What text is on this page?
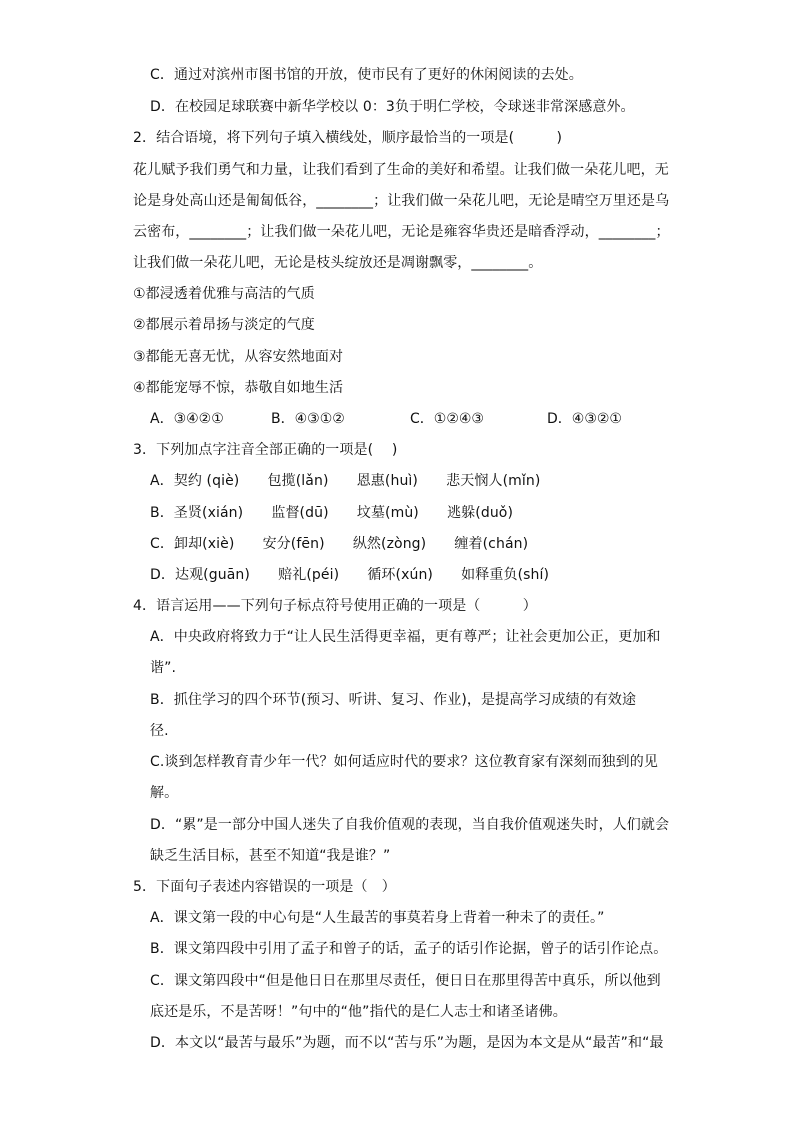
C．通过对滨州市图书馆的开放，使市民有了更好的休闲阅读的去处。
D．在校园足球联赛中新华学校以 0：3负于明仁学校，令球迷非常深感意外。
2．结合语境，将下列句子填入横线处，顺序最恰当的一项是(　　　)
花儿赋予我们勇气和力量，让我们看到了生命的美好和希望。让我们做一朵花儿吧，无
论是身处高山还是匍匐低谷，________；让我们做一朵花儿吧，无论是晴空万里还是乌
云密布，________；让我们做一朵花儿吧，无论是雍容华贵还是暗香浮动，________；
让我们做一朵花儿吧，无论是枝头绽放还是凋谢飘零，________。
①都浸透着优雅与高洁的气质
②都展示着昂扬与淡定的气度
③都能无喜无忧，从容安然地面对
④都能宠辱不惊，恭敬自如地生活
A．③④②①	B．④③①②	C．①②④③	D．④③②①
3．下列加点字注音全部正确的一项是( 　)
A．契约 (qiè)　　包揽(lǎn)　　恩惠(huì)　　悲天悯人(mǐn)
B．圣贤(xián)　　监督(dū)　　坟墓(mù)　　逃躲(duǒ)
C．卸却(xiè)　　安分(fēn)　　纵然(zòng)　　缠着(chán)
D．达观(guān)　　赔礼(péi)　　循环(xún)　　如释重负(shí)
4．语言运用——下列句子标点符号使用正确的一项是（　　　）
A．中央政府将致力于“让人民生活得更幸福，更有尊严；让社会更加公正，更加和
谐”.
B．抓住学习的四个环节(预习、听讲、复习、作业)，是提高学习成绩的有效途
径.
C.谈到怎样教育青少年一代？如何适应时代的要求？这位教育家有深刻而独到的见
解。
D．“累”是一部分中国人迷失了自我价值观的表现，当自我价值观迷失时，人们就会
缺乏生活目标，甚至不知道“我是谁？”
5．下面句子表述内容错误的一项是（　）
A．课文第一段的中心句是“人生最苦的事莫若身上背着一种未了的责任。”
B．课文第四段中引用了孟子和曾子的话，孟子的话引作论据，曾子的话引作论点。
C．课文第四段中“但是他日日在那里尽责任，便日日在那里得苦中真乐，所以他到
底还是乐，不是苦呀！”句中的“他”指代的是仁人志士和诸圣诸佛。
D．本文以“最苦与最乐”为题，而不以“苦与乐”为题，是因为本文是从“最苦”和“最
